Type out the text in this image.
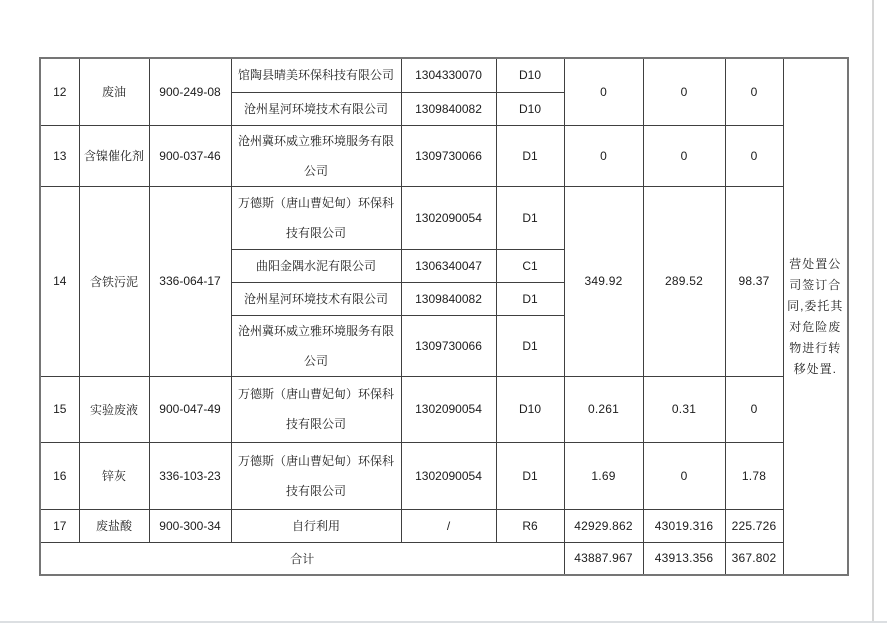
12	废油	900-249-08	馆陶县晴美环保科技有限公司	1304330070	D10	0	0	0	营处置公司签订合同,委托其对危险废物进行转移处置.
			沧州星河环境技术有限公司	1309840082	D10				
13	含镍催化剂	900-037-46	沧州冀环威立雅环境服务有限公司	1309730066	D1	0	0	0	
14	含铁污泥	336-064-17	万德斯（唐山曹妃甸）环保科技有限公司	1302090054	D1	349.92	289.52	98.37	
			曲阳金隅水泥有限公司	1306340047	C1				
			沧州星河环境技术有限公司	1309840082	D1				
			沧州冀环威立雅环境服务有限公司	1309730066	D1				
15	实验废液	900-047-49	万德斯（唐山曹妃甸）环保科技有限公司	1302090054	D10	0.261	0.31	0	
16	锌灰	336-103-23	万德斯（唐山曹妃甸）环保科技有限公司	1302090054	D1	1.69	0	1.78	
17	废盐酸	900-300-34	自行利用	/	R6	42929.862	43019.316	225.726	
合计						43887.967	43913.356	367.802	
